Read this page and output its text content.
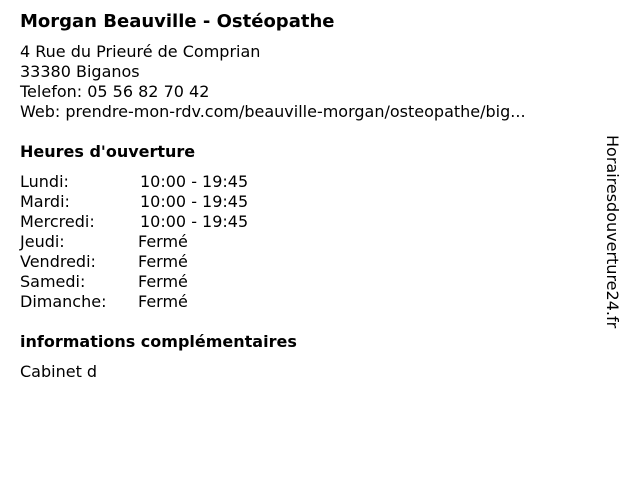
Morgan Beauville - Ostéopathe
4 Rue du Prieuré de Comprian
33380 Biganos
Telefon: 05 56 82 70 42
Web: prendre-mon-rdv.com/beauville-morgan/osteopathe/big...
Heures d'ouverture
Lundi:	10:00 - 19:45
Mardi:	10:00 - 19:45
Mercredi:	10:00 - 19:45
Jeudi:	Fermé
Vendredi:	Fermé
Samedi:	Fermé
Dimanche: Fermé
informations complémentaires
Cabinet d
Horairesdouverture24.fr
